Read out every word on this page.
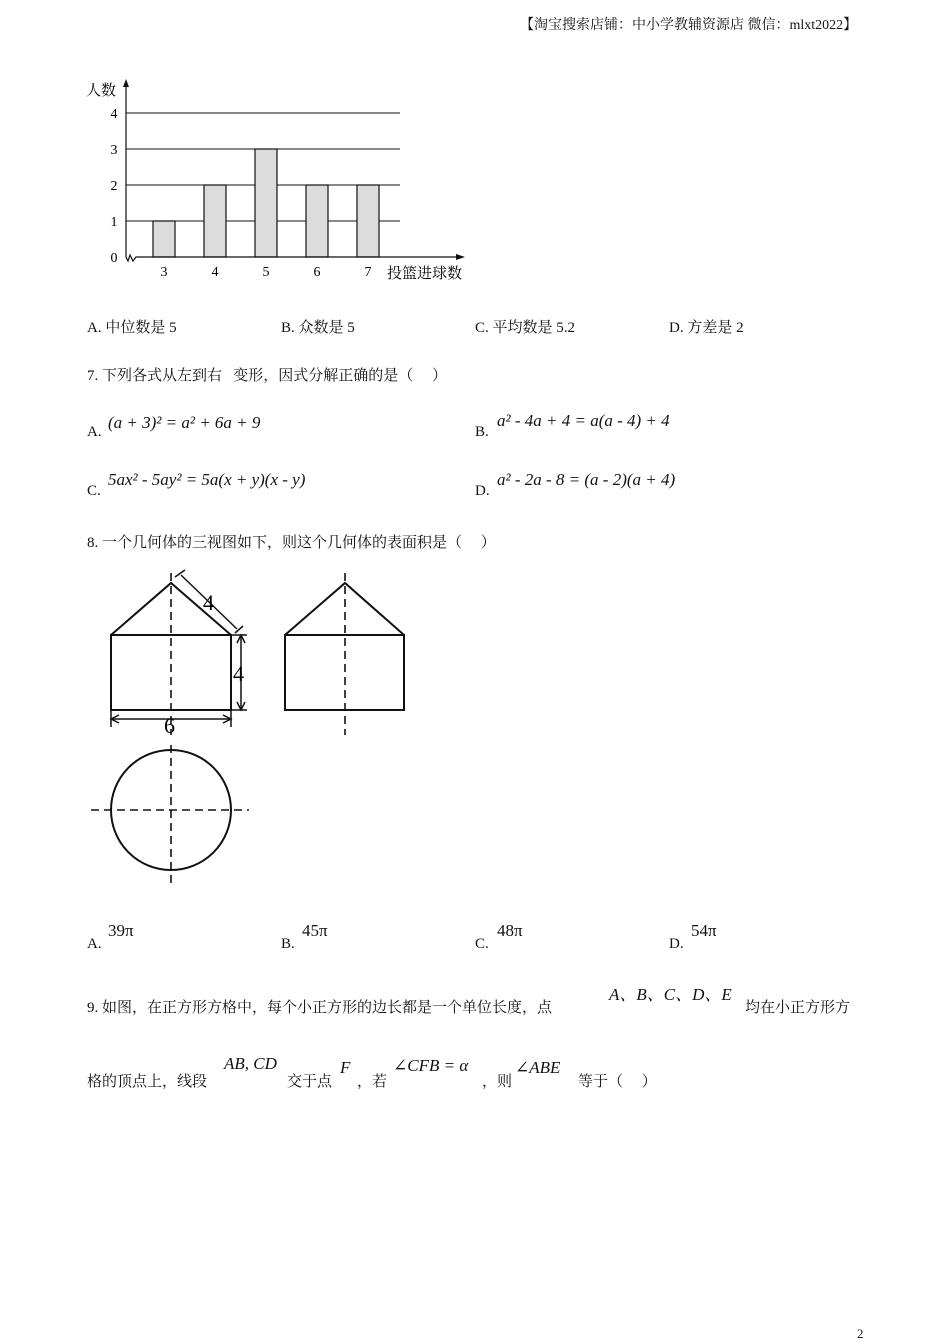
【淘宝搜索店铺：中小学教辅资源店 微信：mlxt2022】
0
1
2
3
4
3	4	5	6	7
人数
投篮进球数
A. 中位数是 5	B. 众数是 5	C. 平均数是 5.2	D. 方差是 2
7. 下列各式从左到右   变形，因式分解正确的是（     ）
A. (a + 3)² = a² + 6a + 9	B.
a² - 4a + 4 = a(a - 4) + 4
C.
5ax² - 5ay² = 5a(x + y)(x - y)
D.
a² - 2a - 8 = (a - 2)(a + 4)
8. 一个几何体的三视图如下，则这个几何体的表面积是（     ）
4
4
6
A.
39π
B.
45π
C.
48π
D.
54π
9. 如图，在正方形方格中，每个小正方形的边长都是一个单位长度，点
A、B、C、D、E
均在小正方形方
格的顶点上，线段
AB, CD
交于点
F
，若
∠CFB = α
，则
∠ABE
等于（     ）
2
